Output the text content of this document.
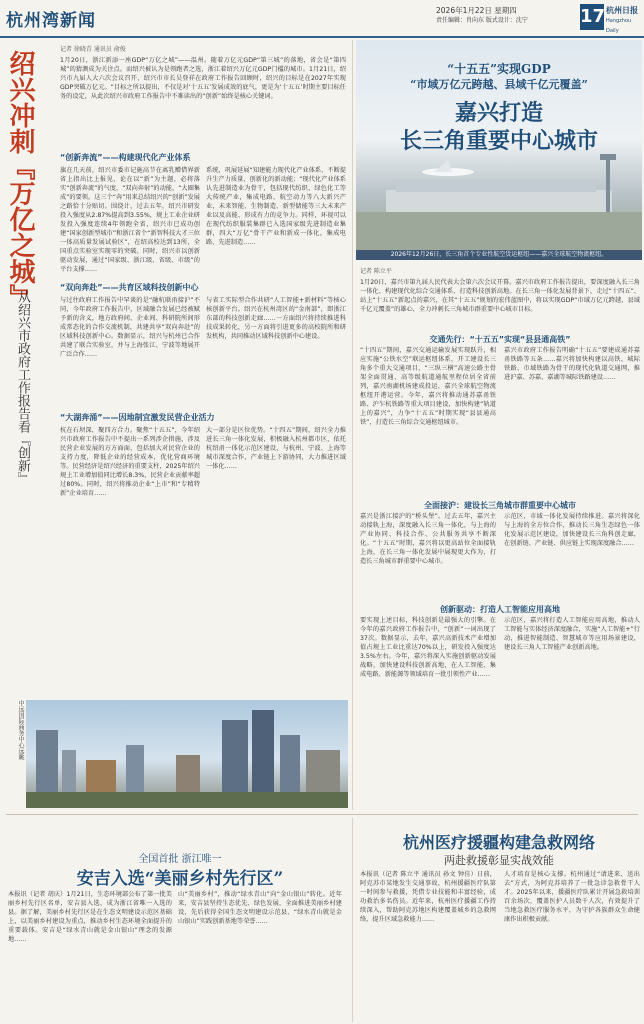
杭州湾新闻
2026年1月22日 星期四
责任编辑：肖向东 版式设计：沈宁	17 杭州日报
Hangzhou Daily
绍兴冲刺『万亿之城』
从绍兴市政府工作报告看『创新』
记者 徐晓青 通讯员 俞俊
1月20日，浙江新添一座GDP“万亿之城”——温州。随着万亿元GDP“第三城”的落地，省会是“第四城”的猜测成为关注点。而绍兴被认为是领跑者之选，浙江着绍兴万亿元GDP门槛的城市。1月21日，绍兴市九届人大六次会议召开，绍兴市市长吴登祥在政府工作报告回顾时，绍兴的目标是在2027年实现GDP突破万亿元。“目标之所以提出，不仅是对‘十五五’发展成效的底气，更是为‘十五五’时期主要目标任务的设定，从此次绍兴市政府工作报告中不难读出的“创新”始终是核心关键词。
“创新奔流”——构建现代化产业体系
旗在几天前，绍兴市委市记施高节在离乳赠借界新省上指出比上报见，论在以“新”为主题，必将落实“创新奔流”的气度，“双向奔射”的动能，“大圈集成”的要领。这三个“奔”用来总结绍兴的“创新”发展之路恰十分贴切。围绕计，过去五年，绍兴市研发投入强度从2.87%提高到3.55%，规上工业企业研发投入强度连续4年领跑全省，绍兴市已成功创建“国家创新型城市”和浙江省个“新智科技大才三位一体高质量发展试验区”，在绍高校达到13所，全国重点实验室实现零的突破。同时，绍兴市以创新驱动发展，通过“国家级、浙江级、省级、市级”的平台支撑……
系统，巩展延展“知建能力现代化产业体系，不断提升生产力质量、创新化的新动能；“现代化产业体系认先进制造业为骨干，包括现代纺织、绿色化工等大传统产业，集成电路、航空动力等八大新兴产业，未来智能、生物制造、新型储能等三大未来产业以及高能、形成有力的竞争力。同样，环视可以在现代纺织服装集群已入选国家级先进制造业集群，四大“万亿”骨干产业和新成一体化，集成电路、先进制造……
“双向奔赴”——共育区域科技创新中心
与过往政府工作报告中罕谈的是“融杭联甬接沪”不同，今年政府工作报告中，区域融合发展已经被赋予新的含义，地方政府间、企业间、科研院所间形成常态化的合作交流机制，共建共享“双向奔赴”的区域科技创新中心。数据显示，绍兴与杭州已合作共建了联合实验室，并与上海张江、宁波等地展开广泛合作……
与省工实际型合作共研“人工智能+新材料”等核心核创新平台。绍兴在杭州湾区的“金南部”，即浙江东部的科技创新走廊……一方面绍兴将持续推进科技成果转化，另一方面将引进更多的高校院所和研发机构，共同推动区域科技创新中心建设。
“大湖奔涌”——因地制宜激发民营企业活力
杭在石坝深，聚四方合力。聚焦“十五五”，今年绍兴市政府工作报告中不提出一系列涉企措施，涉及民营企业发展的方方面面，包括加大对民营企业的支持力度，降低企业的经营成本，优化营商环境等。民营经济是绍兴经济的重要支柱，2025年绍兴规上工业增加值同比增长8.3%，民营企业贡献率超过80%。同时，绍兴将推动企业“上市”和“专精特新”企业培育……
大一部分是区位优势。“十四五”期间，绍兴全力推进长三角一体化发展，积极融入杭州都市区，依托杭绍甬一体化示范区建设，与杭州、宁波、上海等城市深度合作，产业链上下游协同，大力推进区域一体化……
中远国际商务中心远眺
“十五五”实现GDP
“市域万亿元跨越、县域千亿元覆盖”
嘉兴打造
长三角重要中心城市
2026年12月26日，长三角首个专业性航空货运枢纽——嘉兴全球航空物流枢纽。
记者 陈立平
1月20日，嘉兴市第九届人民代表大会第六次会议开幕。嘉兴市政府工作报告提出，要深度融入长三角一体化、构建现代化综合交通体系、打造科技创新高地。在长三角一体化发展背景下，走过“十四五”、站上“十五五”新起点的嘉兴，在其“十五五”规划的宏伟蓝图中，将以实现GDP“市域万亿元跨越、县域千亿元覆盖”的雄心，全力冲刺长三角城市群重要中心城市目标。
交通先行：“十五五”实现“县县通高铁”
“十四五”期间，嘉兴交通运输发展实现跃升，相应实施“公铁水空”联运枢纽体系，开工建设长三角多个重大交通项目，“三纵三横”高速公路主骨架全面贯通，高等级航道通航里程位居全省前列，嘉兴南湖机场建成投运，嘉兴全球航空物流枢纽开港运营。今年，嘉兴将推动通苏嘉甬铁路、沪乍杭铁路等重大项目建设，加快构建“轨道上的嘉兴”，力争“十五五”时期实现“县县通高铁”，打造长三角综合交通枢纽城市。
嘉兴市政府工作报告明确“十五五”要建成通苏嘉甬铁路等五条……嘉兴将加快构建以高铁、城际铁路、市域铁路为骨干的现代化轨道交通网，推进沪嘉、苏嘉、嘉湖等城际铁路建设……
全面接沪：建设长三角城市群重要中心城市
嘉兴是浙江接沪的“桥头堡”。过去五年，嘉兴主动接轨上海，深度融入长三角一体化，与上海的产业协同、科技合作、公共服务共享不断深化。“十五五”时期，嘉兴将以更高站位全面接轨上海，在长三角一体化发展中展现更大作为，打造长三角城市群重要中心城市。
示范区，市域一体化发展持续推进。嘉兴将深化与上海的全方位合作，推动长三角生态绿色一体化发展示范区建设，加快建设长三角科创走廊，在创新链、产业链、供应链上实现深度融合……
创新驱动：打造人工智能应用高地
要实现上述目标，科技创新是最强大的引擎。在今年的嘉兴政府工作报告中，“创新”一词出现了37次。数据显示，去年，嘉兴高新技术产业增加值占规上工业比重达70%以上，研发投入强度达3.5%左右。今年，嘉兴将深入实施创新驱动发展战略，加快建设科技创新高地，在人工智能、集成电路、新能源等领域培育一批引领性产业……
示范区，嘉兴将打造人工智能应用高地，推动人工智能与实体经济深度融合，实施“人工智能+”行动，推进智能制造、智慧城市等应用场景建设，建设长三角人工智能产业创新高地。
全国首批 浙江唯一
安吉入选“美丽乡村先行区”
本报讯（记者 胡庆）1月21日，生态环境部公布了第一批美丽乡村先行区名单，安吉县入选，成为浙江省唯一入选的县。据了解，美丽乡村先行区是在生态文明建设示范区基础上，以美丽乡村建设为重点，推动乡村生态环境全面提升的重要载体。安吉是“绿水青山就是金山银山”理念的发源地……
山“美丽乡村”，推动“绿水青山”向“金山银山”转化。近年来，安吉县坚持生态优先、绿色发展，全面推进美丽乡村建设，先后获得全国生态文明建设示范县、“绿水青山就是金山银山”实践创新基地等荣誉……
杭州医疗援疆构建急救网络
两赴救援彰显实战效能
本报讯（记者 陈立平 通讯员 孙文 钟佳）日前，阿克苏市某地发生交通事故，杭州援疆医疗队第一时间参与救援，凭借专业技能和丰富经验，成功救治多名伤员。近年来，杭州医疗援疆工作持续深入，帮助阿克苏地区构建覆盖城乡的急救网络，提升区域急救能力……
人才培育是核心支撑。杭州通过“请进来、送出去”方式，为阿克苏培养了一批急诊急救骨干人才。2025年以来，援疆医疗队累计开展急救培训百余场次，覆盖医护人员数千人次，有效提升了当地急救医疗服务水平，为守护各族群众生命健康作出积极贡献。
